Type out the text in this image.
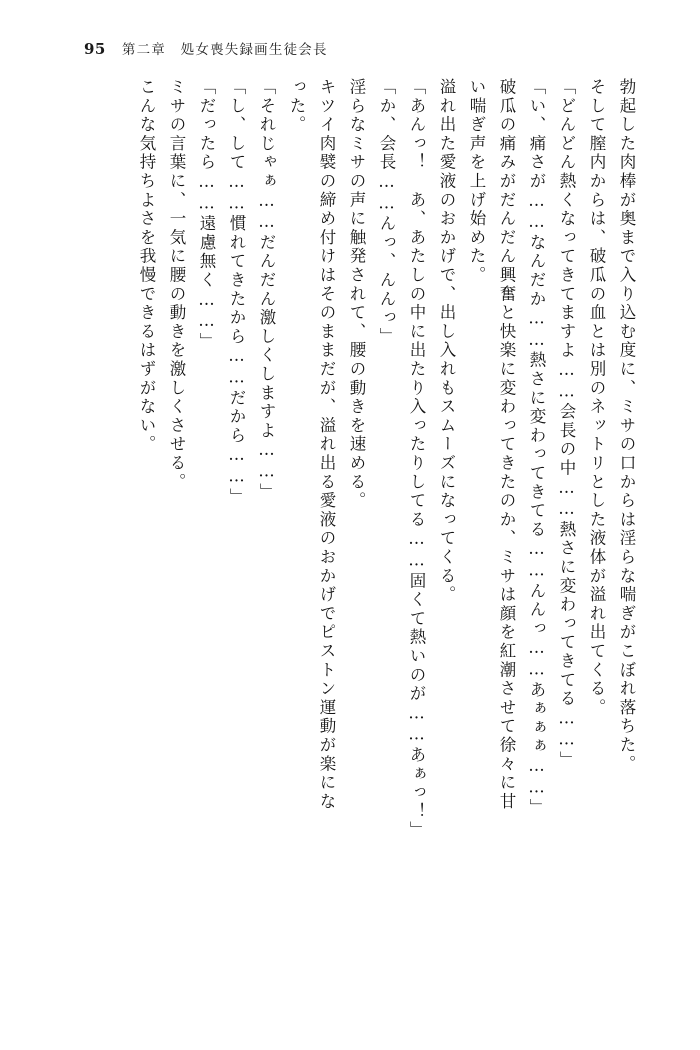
95 第二章　処女喪失録画生徒会長
勃起した肉棒が奥まで入り込む度に、ミサの口からは淫らな喘ぎがこぼれ落ちた。
そして膣内からは、破瓜の血とは別のネットリとした液体が溢れ出てくる。
「どんどん熱くなってきてますよ……会長の中……熱さに変わってきてる……」
「い、痛さが……なんだか……熱さに変わってきてる……んんっ……あぁぁぁ……」
破瓜の痛みがだんだん興奮と快楽に変わってきたのか、ミサは顔を紅潮させて徐々に甘
い喘ぎ声を上げ始めた。
溢れ出た愛液のおかげで、出し入れもスムーズになってくる。
「あんっ！　あ、あたしの中に出たり入ったりしてる……固くて熱いのが……あぁっ！」
「か、会長……んっ、んんっ」
淫らなミサの声に触発されて、腰の動きを速める。
キツイ肉襞の締め付けはそのままだが、溢れ出る愛液のおかげでピストン運動が楽にな
った。
「それじゃぁ……だんだん激しくしますよ……」
「し、して……慣れてきたから……だから……」
「だったら……遠慮無く……」
ミサの言葉に、一気に腰の動きを激しくさせる。
こんな気持ちよさを我慢できるはずがない。
